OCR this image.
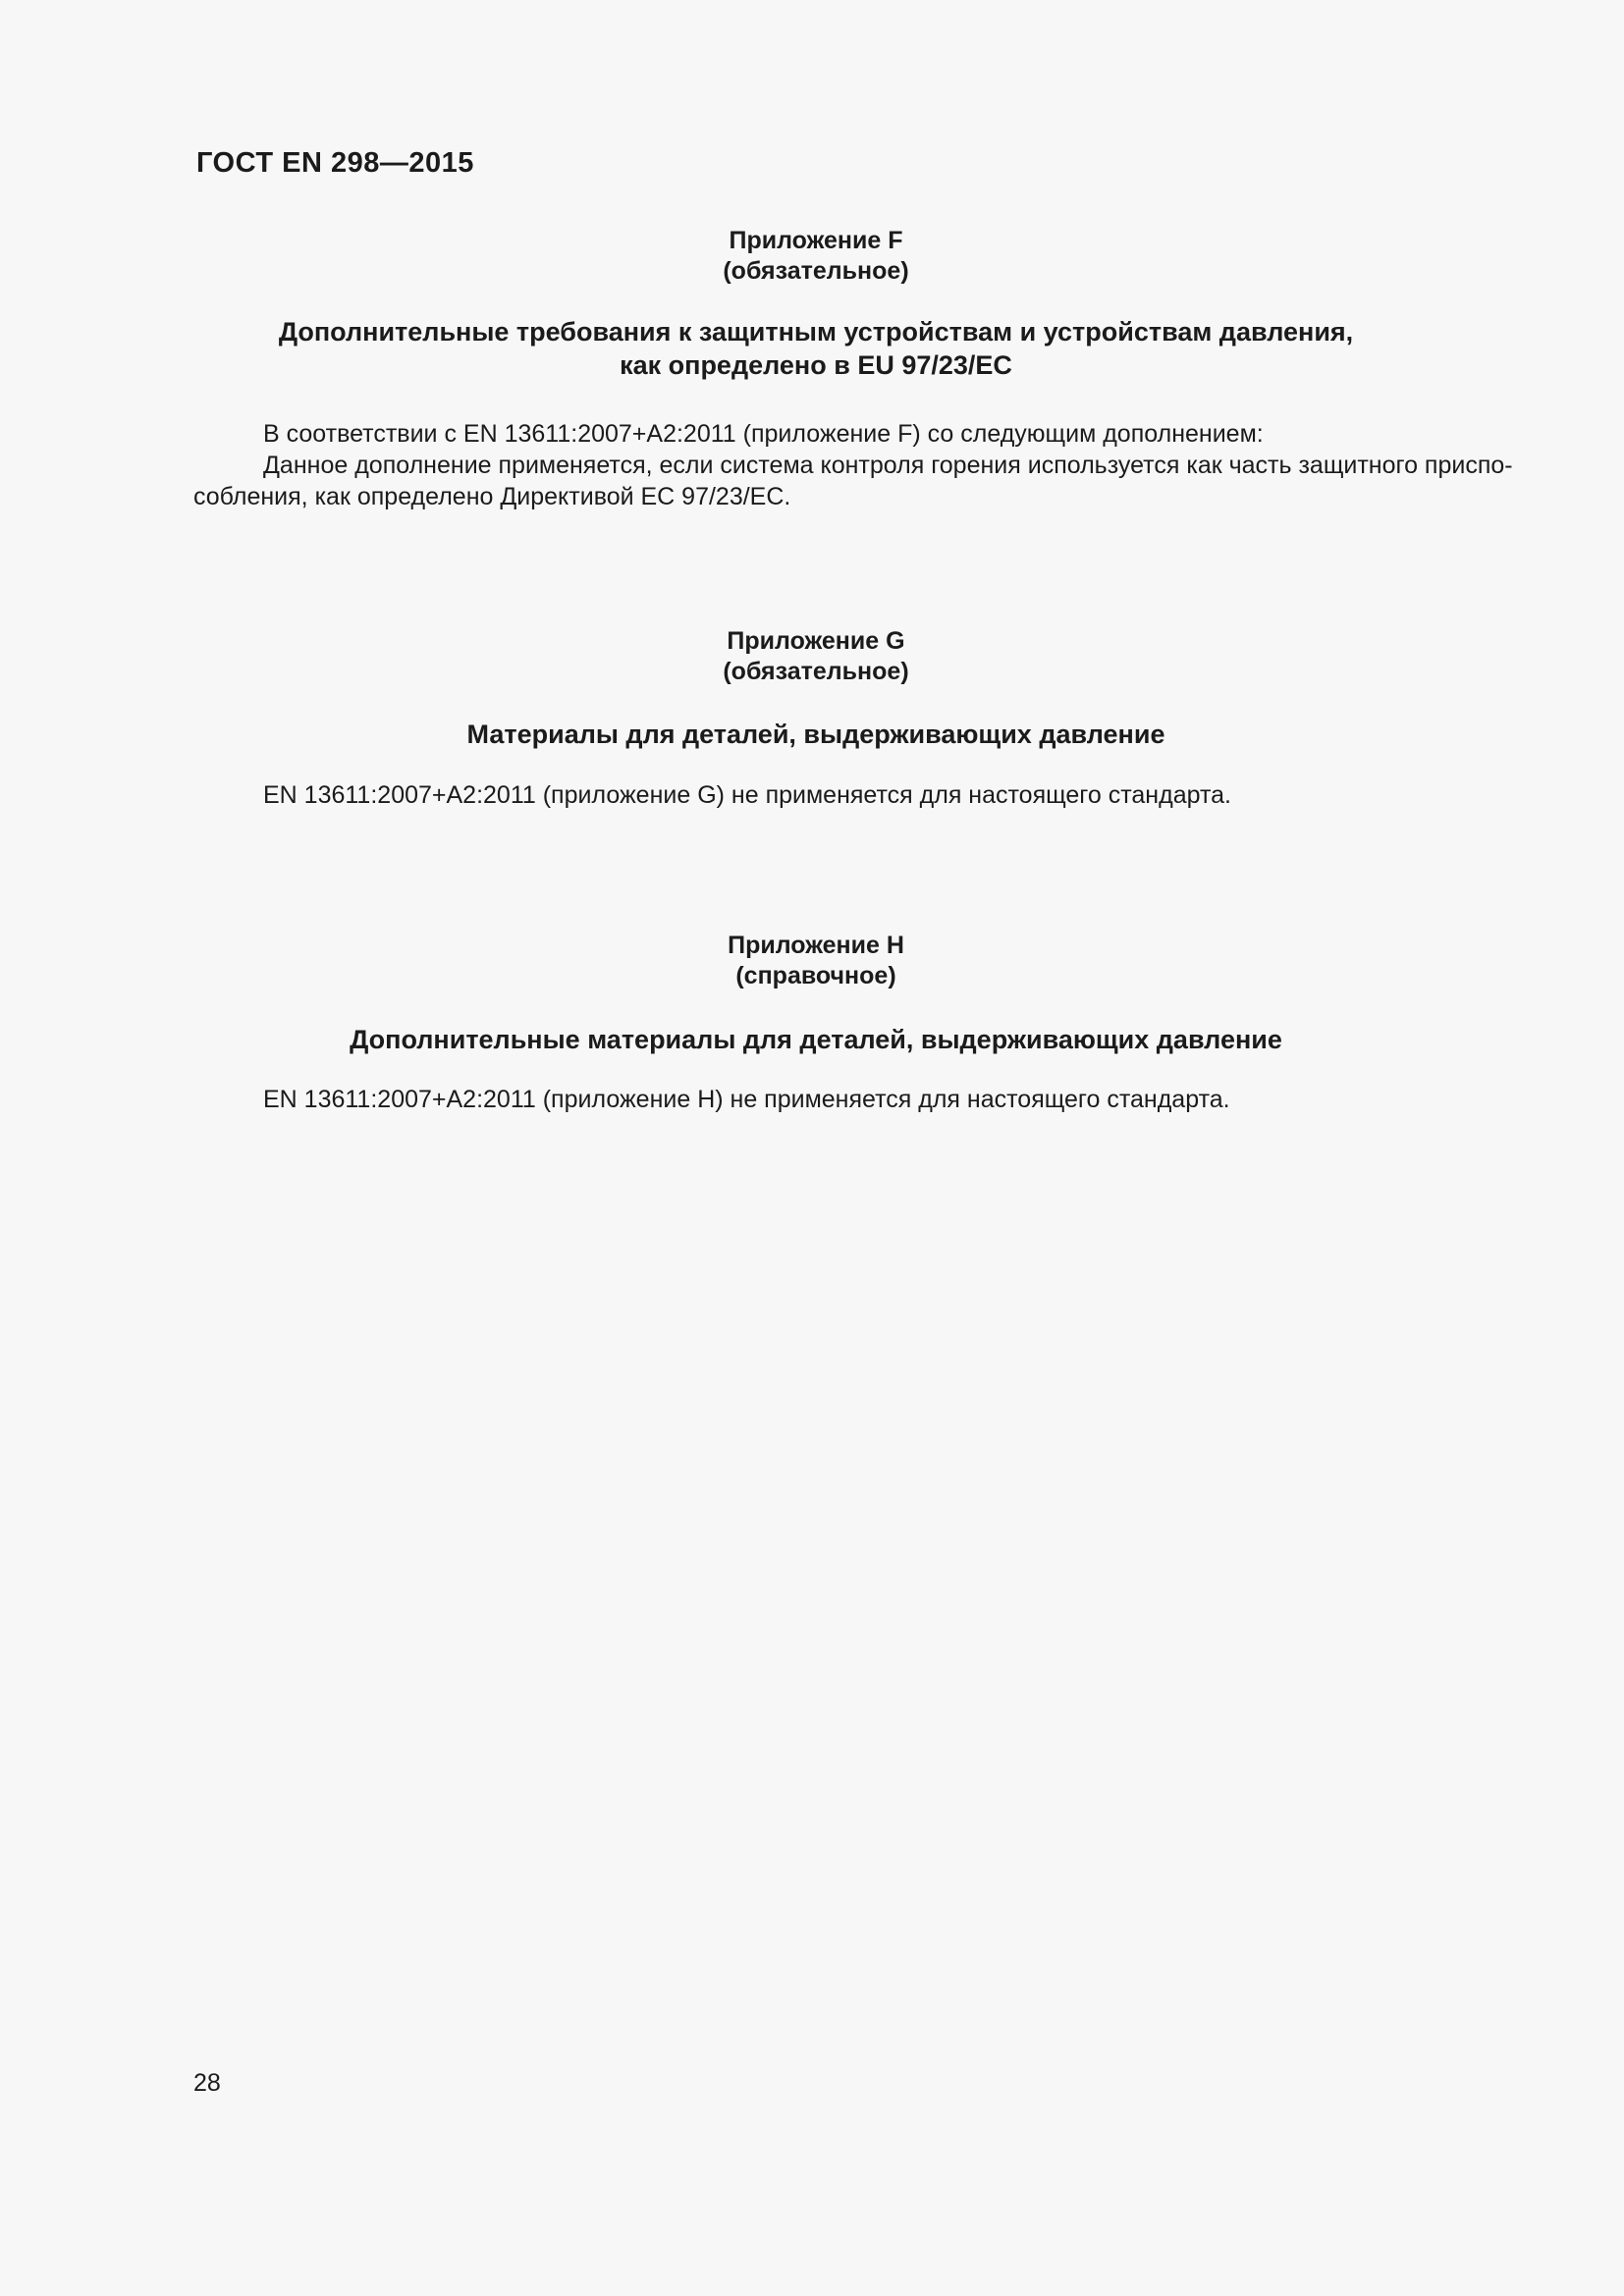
ГОСТ EN 298—2015
Приложение F
(обязательное)
Дополнительные требования к защитным устройствам и устройствам давления,
как определено в EU 97/23/EC
В соответствии с EN 13611:2007+A2:2011 (приложение F) со следующим дополнением:
Данное дополнение применяется, если система контроля горения используется как часть защитного приспо-
собления, как определено Директивой ЕС 97/23/ЕС.
Приложение G
(обязательное)
Материалы для деталей, выдерживающих давление
EN 13611:2007+A2:2011 (приложение G) не применяется для настоящего стандарта.
Приложение H
(справочное)
Дополнительные материалы для деталей, выдерживающих давление
EN 13611:2007+A2:2011 (приложение H) не применяется для настоящего стандарта.
28
